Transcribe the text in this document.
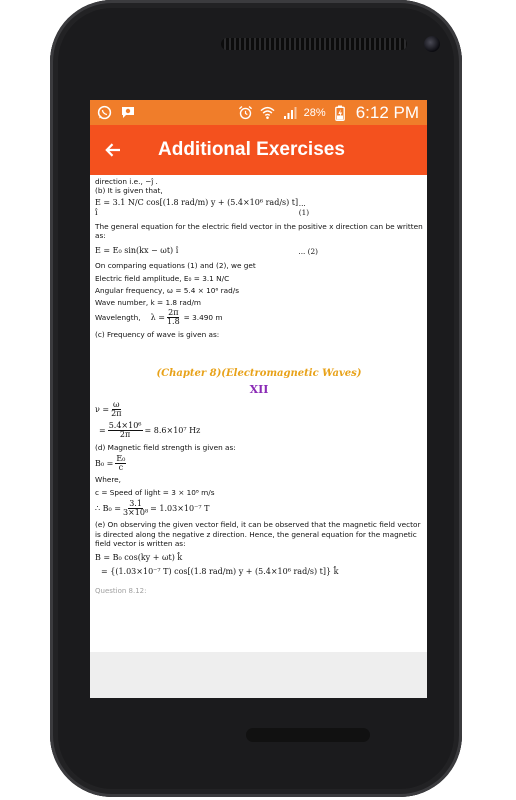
28% 6:12 PM
Additional Exercises

direction i.e., −ĵ .

(b) It is given that,

E = 3.1 N/C cos[(1.8 rad/m) y + (5.4×10⁶ rad/s) t] î
... (1)

The general equation for the electric field vector in the positive x direction can be written as:

E = E₀ sin(kx − ωt) î	... (2)

On comparing equations (1) and (2), we get

Electric field amplitude, E₀ = 3.1 N/C

Angular frequency, ω = 5.4 × 10⁶ rad/s

Wave number, k = 1.8 rad/m

Wavelength, $\lambda = \frac{2\pi}{1.8} = 3.490$ m

(c) Frequency of wave is given as:

(Chapter 8)(Electromagnetic Waves)
XII
$\nu = \frac{\omega}{2\pi}$
= $\frac{\text{5.4×10⁶}}{2\pi} = 8.6\times 10^7$ Hz

(d) Magnetic field strength is given as:

$B_0 = \frac{\text{E₀}}{c}$

Where,

c = Speed of light = 3 × 10⁸ m/s

∴ $B_0 = \frac{3.1}{\text{3×10⁸}} = 1.03\times 10^{-7}$ T

(e) On observing the given vector field, it can be observed that the magnetic field vector is directed along the negative z direction. Hence, the general equation for the magnetic field vector is written as:

B = B₀ cos(ky + ωt) k̂
= {(1.03×10⁻⁷ T) cos[(1.8 rad/m) y + (5.4×10⁶ rad/s) t]} k̂
Question 8.12:
